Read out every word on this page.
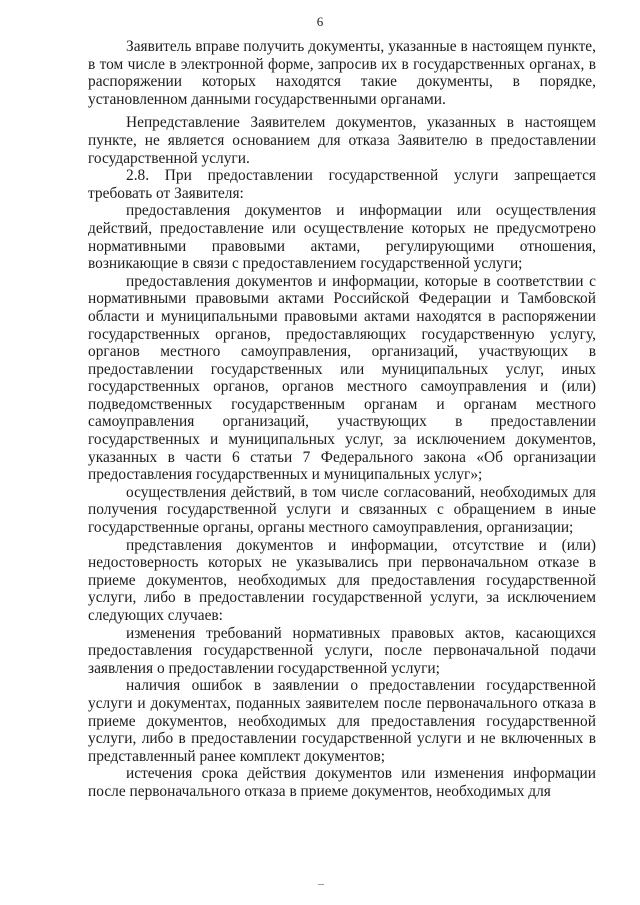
6

Заявитель вправе получить документы, указанные в настоящем пункте, в том числе в электронной форме, запросив их в государственных органах, в распоряжении которых находятся такие документы, в порядке, установленном данными государственными органами.

Непредставление Заявителем документов, указанных в настоящем пункте, не является основанием для отказа Заявителю в предоставлении государственной услуги.

2.8. При предоставлении государственной услуги запрещается требовать от Заявителя:

предоставления документов и информации или осуществления действий, предоставление или осуществление которых не предусмотрено нормативными правовыми актами, регулирующими отношения, возникающие в связи с предоставлением государственной услуги;

предоставления документов и информации, которые в соответствии с нормативными правовыми актами Российской Федерации и Тамбовской области и муниципальными правовыми актами находятся в распоряжении государственных органов, предоставляющих государственную услугу, органов местного самоуправления, организаций, участвующих в предоставлении государственных или муниципальных услуг, иных государственных органов, органов местного самоуправления и (или) подведомственных государственным органам и органам местного самоуправления организаций, участвующих в предоставлении государственных и муниципальных услуг, за исключением документов, указанных в части 6 статьи 7 Федерального закона «Об организации предоставления государственных и муниципальных услуг»;

осуществления действий, в том числе согласований, необходимых для получения государственной услуги и связанных с обращением в иные государственные органы, органы местного самоуправления, организации;

представления документов и информации, отсутствие и (или) недостоверность которых не указывались при первоначальном отказе в приеме документов, необходимых для предоставления государственной услуги, либо в предоставлении государственной услуги, за исключением следующих случаев:

изменения требований нормативных правовых актов, касающихся предоставления государственной услуги, после первоначальной подачи заявления о предоставлении государственной услуги;

наличия ошибок в заявлении о предоставлении государственной услуги и документах, поданных заявителем после первоначального отказа в приеме документов, необходимых для предоставления государственной услуги, либо в предоставлении государственной услуги и не включенных в представленный ранее комплект документов;

истечения срока действия документов или изменения информации после первоначального отказа в приеме документов, необходимых для
